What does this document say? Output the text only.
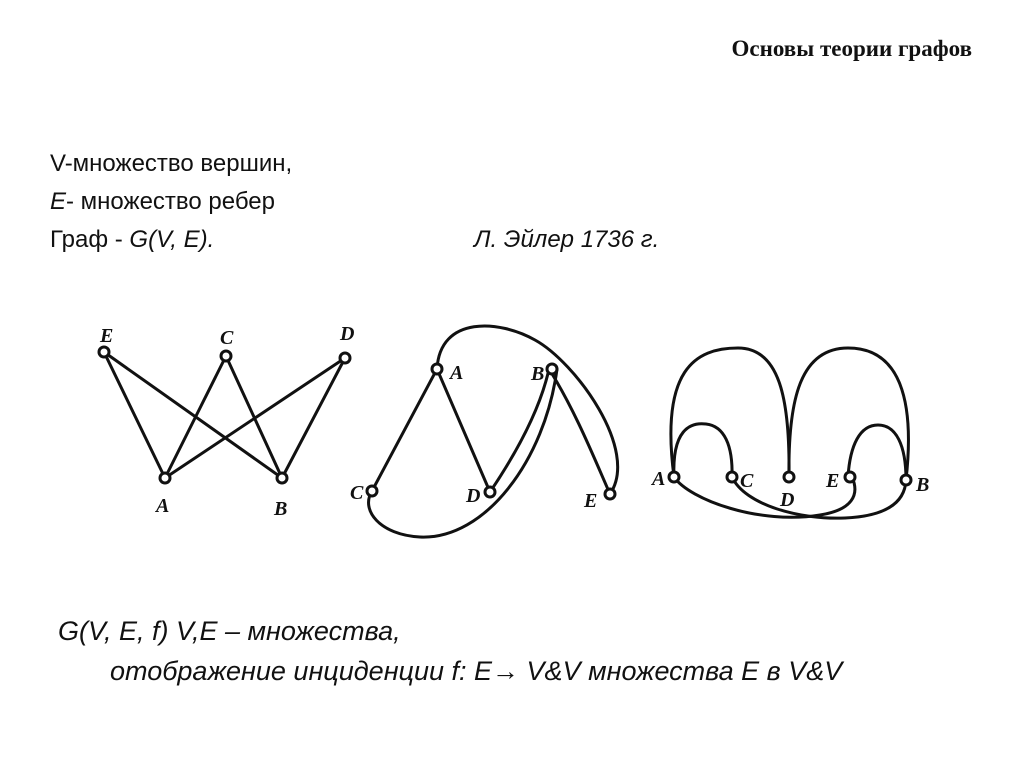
Основы теории графов
V-множество вершин,
E- множество ребер
Граф - G(V, E).	Л. Эйлер 1736 г.
E	C	D
A	B
A	B
C	D	E
A	C
D
E	B
G(V, E, f) V,E – множества,
отображение инциденции f: E→ V&V множества E в V&V
